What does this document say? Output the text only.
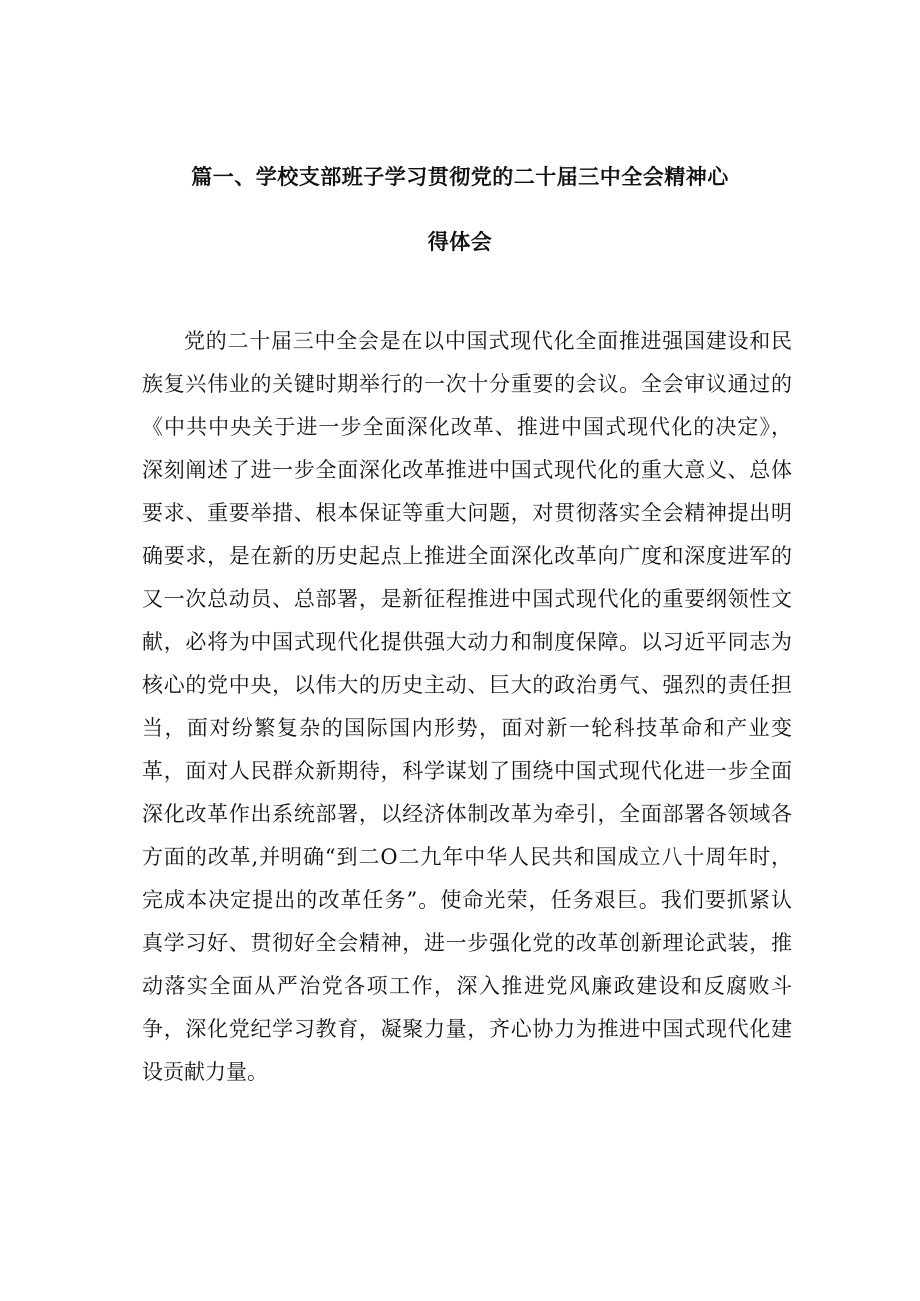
篇一、学校支部班子学习贯彻党的二十届三中全会精神心
得体会
党的二十届三中全会是在以中国式现代化全面推进强国建设和民
族复兴伟业的关键时期举行的一次十分重要的会议。全会审议通过的
《中共中央关于进一步全面深化改革、推进中国式现代化的决定》，
深刻阐述了进一步全面深化改革推进中国式现代化的重大意义、总体
要求、重要举措、根本保证等重大问题，对贯彻落实全会精神提出明
确要求，是在新的历史起点上推进全面深化改革向广度和深度进军的
又一次总动员、总部署，是新征程推进中国式现代化的重要纲领性文
献，必将为中国式现代化提供强大动力和制度保障。以习近平同志为
核心的党中央，以伟大的历史主动、巨大的政治勇气、强烈的责任担
当，面对纷繁复杂的国际国内形势，面对新一轮科技革命和产业变
革，面对人民群众新期待，科学谋划了围绕中国式现代化进一步全面
深化改革作出系统部署，以经济体制改革为牵引，全面部署各领域各
方面的改革,并明确“到二O二九年中华人民共和国成立八十周年时，
完成本决定提出的改革任务”。使命光荣，任务艰巨。我们要抓紧认
真学习好、贯彻好全会精神，进一步强化党的改革创新理论武装，推
动落实全面从严治党各项工作，深入推进党风廉政建设和反腐败斗
争，深化党纪学习教育，凝聚力量，齐心协力为推进中国式现代化建
设贡献力量。
